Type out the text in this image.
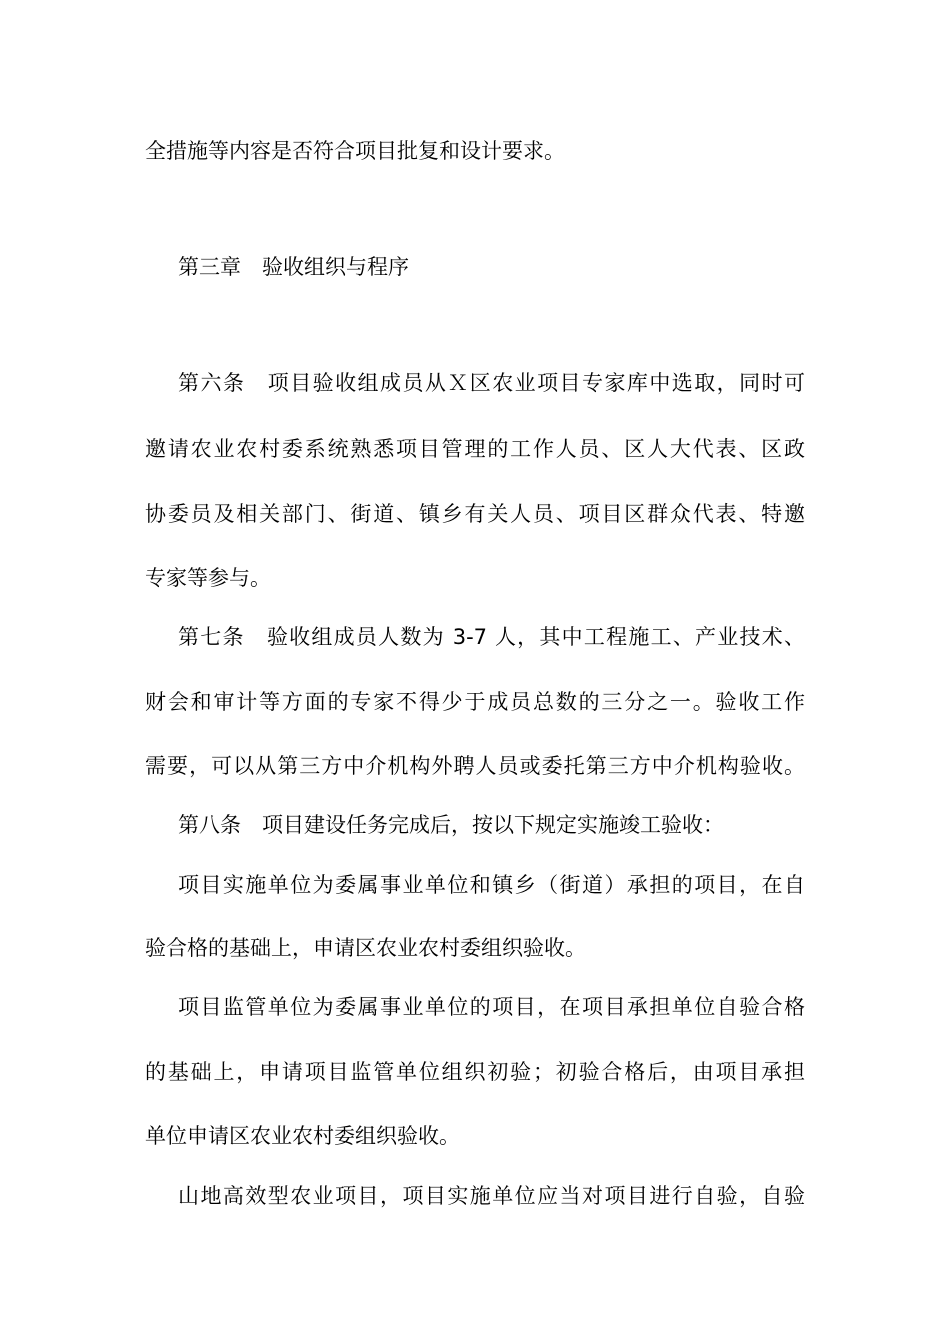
全措施等内容是否符合项目批复和设计要求。
第三章　验收组织与程序
第六条　项目验收组成员从Ｘ区农业项目专家库中选取，同时可
邀请农业农村委系统熟悉项目管理的工作人员、区人大代表、区政
协委员及相关部门、街道、镇乡有关人员、项目区群众代表、特邀
专家等参与。
第七条　验收组成员人数为 3-7 人，其中工程施工、产业技术、
财会和审计等方面的专家不得少于成员总数的三分之一。验收工作
需要，可以从第三方中介机构外聘人员或委托第三方中介机构验收。
第八条　项目建设任务完成后，按以下规定实施竣工验收：
项目实施单位为委属事业单位和镇乡（街道）承担的项目，在自
验合格的基础上，申请区农业农村委组织验收。
项目监管单位为委属事业单位的项目，在项目承担单位自验合格
的基础上，申请项目监管单位组织初验；初验合格后，由项目承担
单位申请区农业农村委组织验收。
山地高效型农业项目，项目实施单位应当对项目进行自验，自验
